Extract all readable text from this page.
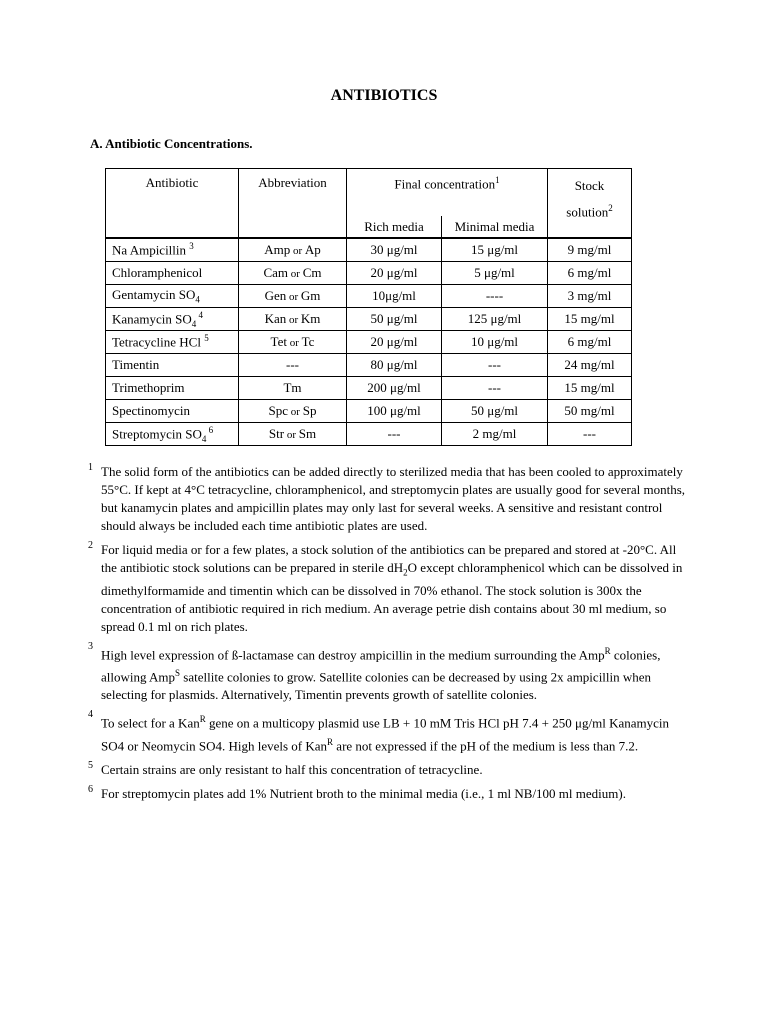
ANTIBIOTICS
A. Antibiotic Concentrations.
Antibiotic	Abbreviation	Final concentration$^1$		Stock
solution$^2$
		Rich media	Minimal media	
Na Ampicillin $^3$	Amp or Ap	30 μg/ml	15 μg/ml	9 mg/ml
Chloramphenicol	Cam or Cm	20 μg/ml	5 μg/ml	6 mg/ml
Gentamycin $SO_4$	Gen or Gm	10μg/ml	----	3 mg/ml
Kanamycin $SO_4$ $^4$	Kan or Km	50 μg/ml	125 μg/ml	15 mg/ml
Tetracycline HCl $^5$	Tet or Tc	20 μg/ml	10 μg/ml	6 mg/ml
Timentin	---	80 μg/ml	---	24 mg/ml
Trimethoprim	Tm	200 μg/ml	---	15 mg/ml
Spectinomycin	Spc or Sp	100 μg/ml	50 μg/ml	50 mg/ml
Streptomycin $SO_4$ $^6$	Str or Sm	---	2 mg/ml	---
1 The solid form of the antibiotics can be added directly to sterilized media that has been cooled to approximately 55°C. If kept at 4°C tetracycline, chloramphenicol, and streptomycin plates are usually good for several months, but kanamycin plates and ampicillin plates may only last for several weeks. A sensitive and resistant control should always be included each time antibiotic plates are used.
2 For liquid media or for a few plates, a stock solution of the antibiotics can be prepared and stored at -20°C. All the antibiotic stock solutions can be prepared in sterile $dH_2O$ except chloramphenicol which can be dissolved in dimethylformamide and timentin which can be dissolved in 70% ethanol. The stock solution is 300x the concentration of antibiotic required in rich medium. An average petrie dish contains about 30 ml medium, so spread 0.1 ml on rich plates.
3
High level expression of ß-lactamase can destroy ampicillin in the medium surrounding the Amp$^R$ colonies, allowing Amp$^S$ satellite colonies to grow. Satellite colonies can be decreased by using 2x ampicillin when selecting for plasmids. Alternatively, Timentin prevents growth of satellite colonies.
4
To select for a Kan$^R$ gene on a multicopy plasmid use LB + 10 mM Tris HCl pH 7.4 + 250 μg/ml Kanamycin SO4 or Neomycin SO4. High levels of Kan$^R$ are not expressed if the pH of the medium is less than 7.2.
5 Certain strains are only resistant to half this concentration of tetracycline.
6 For streptomycin plates add 1% Nutrient broth to the minimal media (i.e., 1 ml NB/100 ml medium).
